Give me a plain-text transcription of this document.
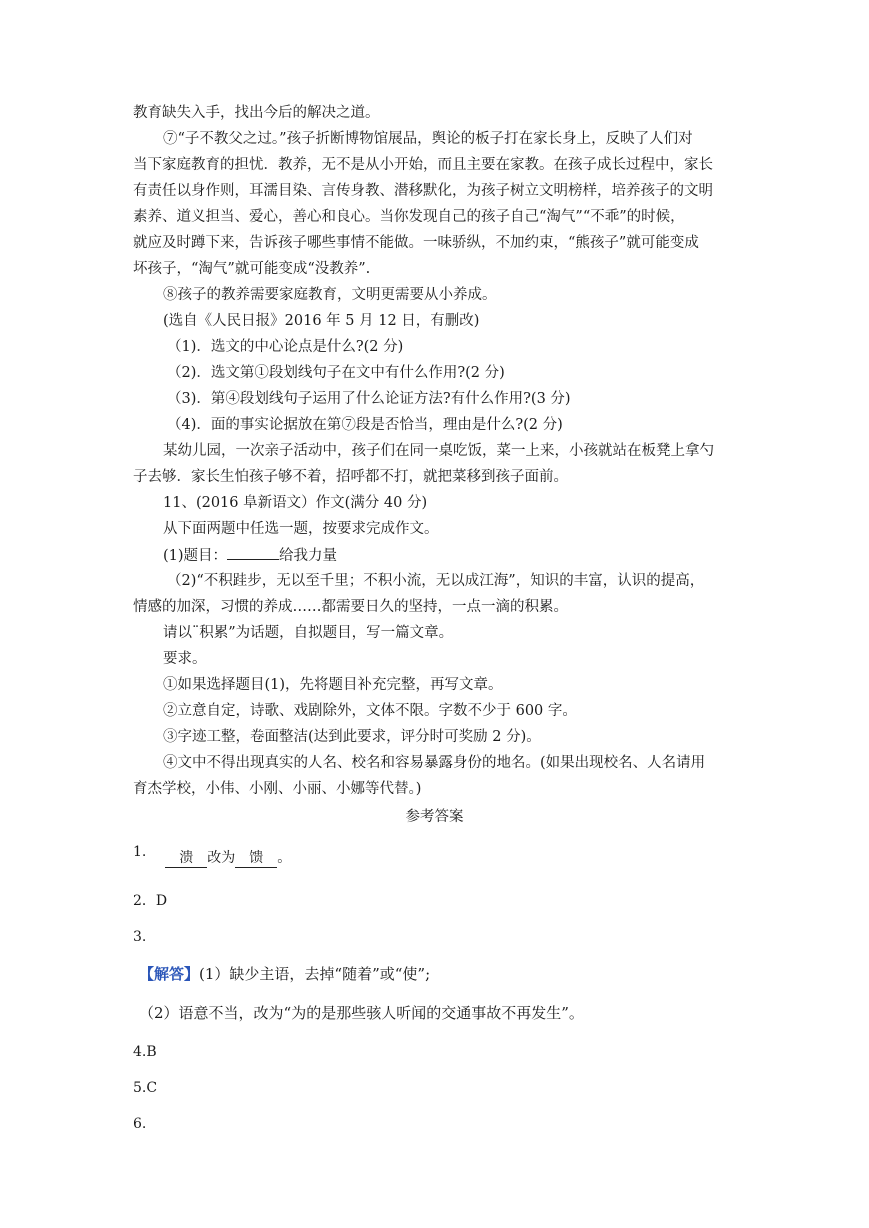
教育缺失入手，找出今后的解决之道。
⑦“子不教父之过。”孩子折断博物馆展品，舆论的板子打在家长身上，反映了人们对
当下家庭教育的担忧．教养，无不是从小开始，而且主要在家教。在孩子成长过程中，家长
有责任以身作则，耳濡目染、言传身教、潜移默化，为孩子树立文明榜样，培养孩子的文明
素养、道义担当、爱心，善心和良心。当你发现自己的孩子自己“淘气”“不乖”的时候，
就应及时蹲下来，告诉孩子哪些事情不能做。一味骄纵，不加约束，“熊孩子”就可能变成
坏孩子，“淘气”就可能变成“没教养”.
⑧孩子的教养需要家庭教育，文明更需要从小养成。
(选自《人民日报》2016 年 5 月 12 日，有删改)
（1)．选文的中心论点是什么?(2 分)
（2)．选文第①段划线句子在文中有什么作用?(2 分)
（3)．第④段划线句子运用了什么论证方法?有什么作用?(3 分)
（4)．面的事实论据放在第⑦段是否恰当，理由是什么?(2 分)
某幼儿园，一次亲子活动中，孩子们在同一桌吃饭，菜一上来，小孩就站在板凳上拿勺
子去够．家长生怕孩子够不着，招呼都不打，就把菜移到孩子面前。
11、(2016 阜新语文）作文(满分 40 分)
从下面两题中任选一题，按要求完成作文。
(1)题目：	给我力量
（2)“不积跬步，无以至千里；不积小流，无以成江海”，知识的丰富，认识的提高，
情感的加深，习惯的养成……都需要日久的坚持，一点一滴的积累。
请以¨积累”为话题，自拟题目，写一篇文章。
要求。
①如果选择题目(1)，先将题目补充完整，再写文章。
②立意自定，诗歌、戏剧除外，文体不限。字数不少于 600 字。
③字迹工整，卷面整洁(达到此要求，评分时可奖励 2 分)。
④文中不得出现真实的人名、校名和容易暴露身份的地名。(如果出现校名、人名请用
育杰学校，小伟、小刚、小丽、小娜等代替。)
参考答案
1. 溃 改为 馈 。
2．D
3.
【解答】(1）缺少主语，去掉“随着”或“使”;
（2）语意不当，改为“为的是那些骇人听闻的交通事故不再发生”。
4.B
5.C
6.
